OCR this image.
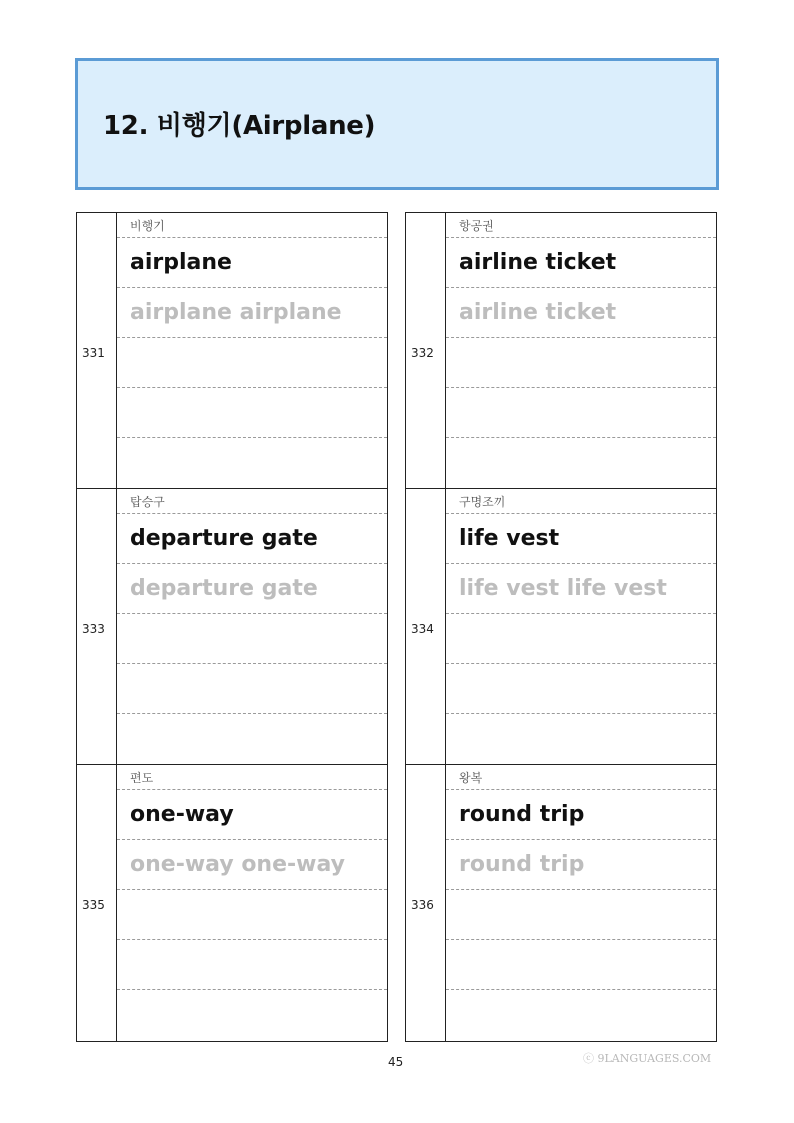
12. 비행기(Airplane)
331
비행기
airplane
airplane airplane
333
탑승구
departure gate
departure gate
335
편도
one-way
one-way one-way
332
항공권
airline ticket
airline ticket
334
구명조끼
life vest
life vest life vest
336
왕복
round trip
round trip
45	ⓒ 9LANGUAGES.COM
